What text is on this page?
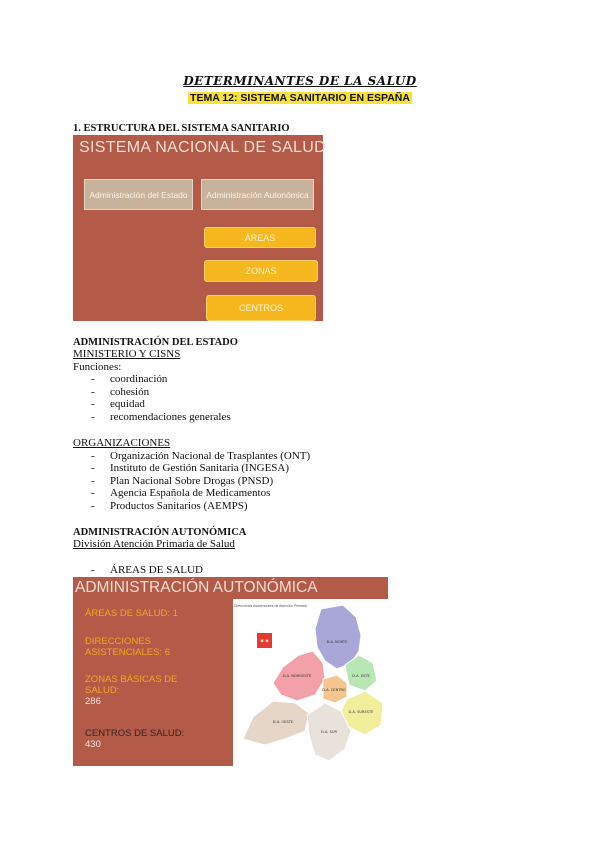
DETERMINANTES DE LA SALUD
TEMA 12: SISTEMA SANITARIO EN ESPAÑA
1. ESTRUCTURA DEL SISTEMA SANITARIO
SISTEMA NACIONAL DE SALUD
Administración del Estado	Administración Autonómica
ÁREAS
ZONAS
CENTROS
ADMINISTRACIÓN DEL ESTADO
MINISTERIO Y CISNS
Funciones:
- coordinación
- cohesión
- equidad
- recomendaciones generales
ORGANIZACIONES
- Organización Nacional de Trasplantes (ONT)
- Instituto de Gestión Sanitaria (INGESA)
- Plan Nacional Sobre Drogas (PNSD)
- Agencia Española de Medicamentos
- Productos Sanitarios (AEMPS)
ADMINISTRACIÓN AUTONÓMICA
División Atención Primaria de Salud
- ÁREAS DE SALUD
ADMINISTRACIÓN AUTONÓMICA
ÁREAS DE SALUD: 1
DIRECCIONES ASISTENCIALES: 6
ZONAS BÁSICAS DE SALUD:
286
CENTROS DE SALUD:
430
Direcciones Asistenciales de Atención Primaria
✶✶	D.A. NORTE
D.A. NOROESTE
D.A. CENTRO
D.A. ESTE
D.A. OESTE
D.A. SURESTE
D.A. SUR
